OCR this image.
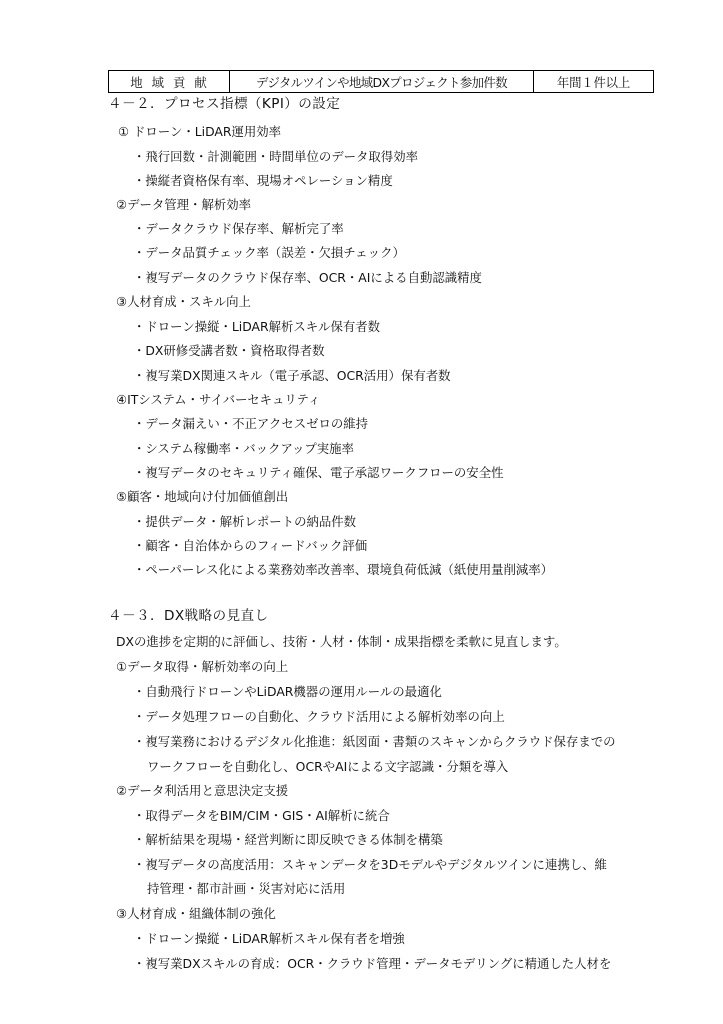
地域貢献	デジタルツインや地域DXプロジェクト参加件数	年間１件以上
４－２．プロセス指標（KPI）の設定
① ドローン・LiDAR運用効率
・飛行回数・計測範囲・時間単位のデータ取得効率
・操縦者資格保有率、現場オペレーション精度
②データ管理・解析効率
・データクラウド保存率、解析完了率
・データ品質チェック率（誤差・欠損チェック）
・複写データのクラウド保存率、OCR・AIによる自動認識精度
③人材育成・スキル向上
・ドローン操縦・LiDAR解析スキル保有者数
・DX研修受講者数・資格取得者数
・複写業DX関連スキル（電子承認、OCR活用）保有者数
④ITシステム・サイバーセキュリティ
・データ漏えい・不正アクセスゼロの維持
・システム稼働率・バックアップ実施率
・複写データのセキュリティ確保、電子承認ワークフローの安全性
⑤顧客・地域向け付加価値創出
・提供データ・解析レポートの納品件数
・顧客・自治体からのフィードバック評価
・ペーパーレス化による業務効率改善率、環境負荷低減（紙使用量削減率）
４－３．DX戦略の見直し
DXの進捗を定期的に評価し、技術・人材・体制・成果指標を柔軟に見直します。
①データ取得・解析効率の向上
・自動飛行ドローンやLiDAR機器の運用ルールの最適化
・データ処理フローの自動化、クラウド活用による解析効率の向上
・複写業務におけるデジタル化推進：紙図面・書類のスキャンからクラウド保存までの
ワークフローを自動化し、OCRやAIによる文字認識・分類を導入
②データ利活用と意思決定支援
・取得データをBIM/CIM・GIS・AI解析に統合
・解析結果を現場・経営判断に即反映できる体制を構築
・複写データの高度活用：スキャンデータを3Dモデルやデジタルツインに連携し、維
持管理・都市計画・災害対応に活用
③人材育成・組織体制の強化
・ドローン操縦・LiDAR解析スキル保有者を増強
・複写業DXスキルの育成：OCR・クラウド管理・データモデリングに精通した人材を
